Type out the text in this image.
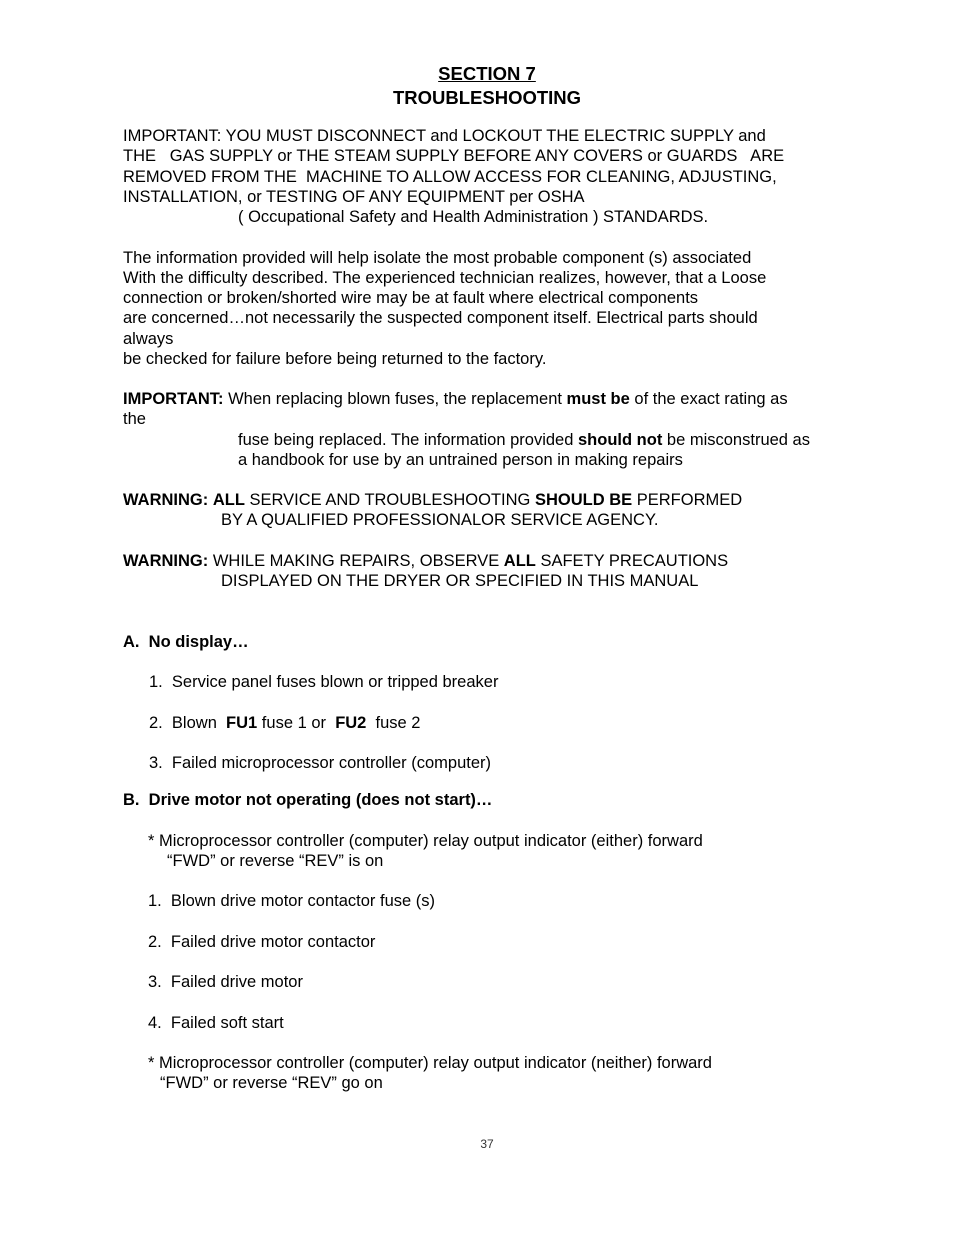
SECTION 7
TROUBLESHOOTING
IMPORTANT: YOU MUST DISCONNECT and LOCKOUT THE ELECTRIC SUPPLY and
THE   GAS SUPPLY or THE STEAM SUPPLY BEFORE ANY COVERS or GUARDS   ARE
REMOVED FROM THE  MACHINE TO ALLOW ACCESS FOR CLEANING, ADJUSTING,
INSTALLATION, or TESTING OF ANY EQUIPMENT per OSHA
( Occupational Safety and Health Administration ) STANDARDS.
The information provided will help isolate the most probable component (s) associated
With the difficulty described. The experienced technician realizes, however, that a Loose
connection or broken/shorted wire may be at fault where electrical components
are concerned…not necessarily the suspected component itself. Electrical parts should
always
be checked for failure before being returned to the factory.
IMPORTANT: When replacing blown fuses, the replacement must be of the exact rating as
the
fuse being replaced. The information provided should not be misconstrued as
a handbook for use by an untrained person in making repairs
WARNING: ALL SERVICE AND TROUBLESHOOTING SHOULD BE PERFORMED
BY A QUALIFIED PROFESSIONALOR SERVICE AGENCY.
WARNING: WHILE MAKING REPAIRS, OBSERVE ALL SAFETY PRECAUTIONS
DISPLAYED ON THE DRYER OR SPECIFIED IN THIS MANUAL
A.  No display…
1.  Service panel fuses blown or tripped breaker
2.  Blown  FU1 fuse 1 or  FU2  fuse 2
3.  Failed microprocessor controller (computer)
B.  Drive motor not operating (does not start)…
* Microprocessor controller (computer) relay output indicator (either) forward
“FWD” or reverse “REV” is on
1.  Blown drive motor contactor fuse (s)
2.  Failed drive motor contactor
3.  Failed drive motor
4.  Failed soft start
* Microprocessor controller (computer) relay output indicator (neither) forward
“FWD” or reverse “REV” go on
37
